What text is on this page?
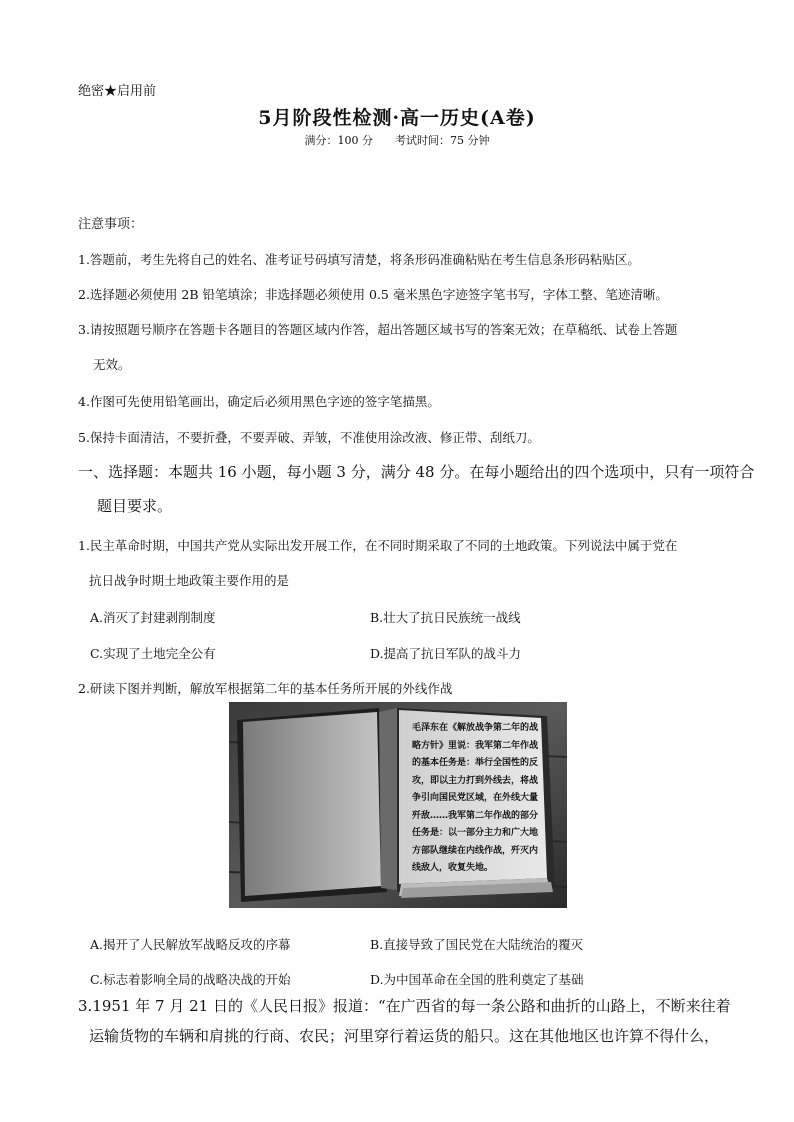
绝密★启用前
5月阶段性检测·高一历史(A卷)
满分：100 分　　考试时间：75 分钟
注意事项：
1.答题前，考生先将自己的姓名、准考证号码填写清楚，将条形码准确粘贴在考生信息条形码粘贴区。
2.选择题必须使用 2B 铅笔填涂；非选择题必须使用 0.5 毫米黑色字迹签字笔书写，字体工整、笔迹清晰。
3.请按照题号顺序在答题卡各题目的答题区域内作答，超出答题区域书写的答案无效；在草稿纸、试卷上答题
无效。
4.作图可先使用铅笔画出，确定后必须用黑色字迹的签字笔描黑。
5.保持卡面清洁，不要折叠，不要弄破、弄皱，不准使用涂改液、修正带、刮纸刀。
一、选择题：本题共 16 小题，每小题 3 分，满分 48 分。在每小题给出的四个选项中，只有一项符合
题目要求。
1.民主革命时期，中国共产党从实际出发开展工作，在不同时期采取了不同的土地政策。下列说法中属于党在
抗日战争时期土地政策主要作用的是
A.消灭了封建剥削制度	B.壮大了抗日民族统一战线
C.实现了土地完全公有	D.提高了抗日军队的战斗力
2.研读下图并判断，解放军根据第二年的基本任务所开展的外线作战
毛泽东在《解放战争第二年的战
略方针》里说：我军第二年作战
的基本任务是：举行全国性的反
攻，即以主力打到外线去，将战
争引向国民党区域，在外线大量
歼敌……我军第二年作战的部分
任务是：以一部分主力和广大地
方部队继续在内线作战，歼灭内
线敌人，收复失地。
A.揭开了人民解放军战略反攻的序幕	B.直接导致了国民党在大陆统治的覆灭
C.标志着影响全局的战略决战的开始	D.为中国革命在全国的胜利奠定了基础
3.1951 年 7 月 21 日的《人民日报》报道：“在广西省的每一条公路和曲折的山路上，不断来往着
运输货物的车辆和肩挑的行商、农民；河里穿行着运货的船只。这在其他地区也许算不得什么，
